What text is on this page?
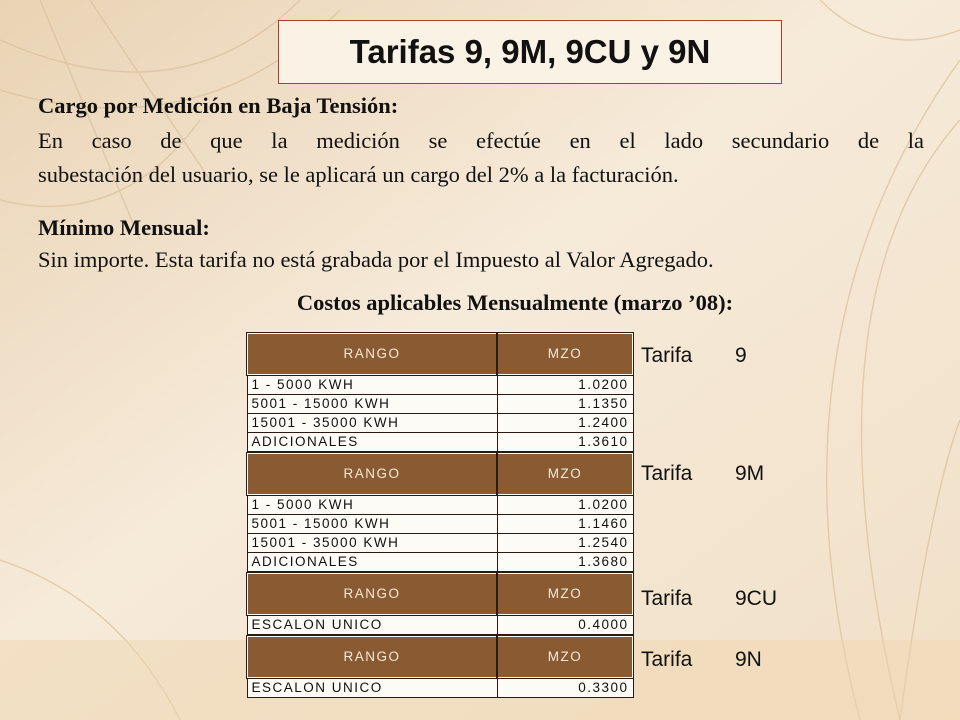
Tarifas 9, 9M, 9CU y 9N
Cargo por Medición en Baja Tensión:
En caso de que la medición se efectúe en el lado secundario de la
subestación del usuario, se le aplicará un cargo del 2% a la facturación.
Mínimo Mensual:
Sin importe. Esta tarifa no está grabada por el Impuesto al Valor Agregado.
Costos aplicables Mensualmente (marzo ’08):
RANGO	MZO
1 - 5000 KWH	1.0200
5001 - 15000 KWH	1.1350
15001 - 35000 KWH	1.2400
ADICIONALES	1.3610
RANGO	MZO
1 - 5000 KWH	1.0200
5001 - 15000 KWH	1.1460
15001 - 35000 KWH	1.2540
ADICIONALES	1.3680
RANGO	MZO
ESCALON UNICO	0.4000
RANGO	MZO
ESCALON UNICO	0.3300
Tarifa	9
Tarifa	9M
Tarifa	9CU
Tarifa	9N
